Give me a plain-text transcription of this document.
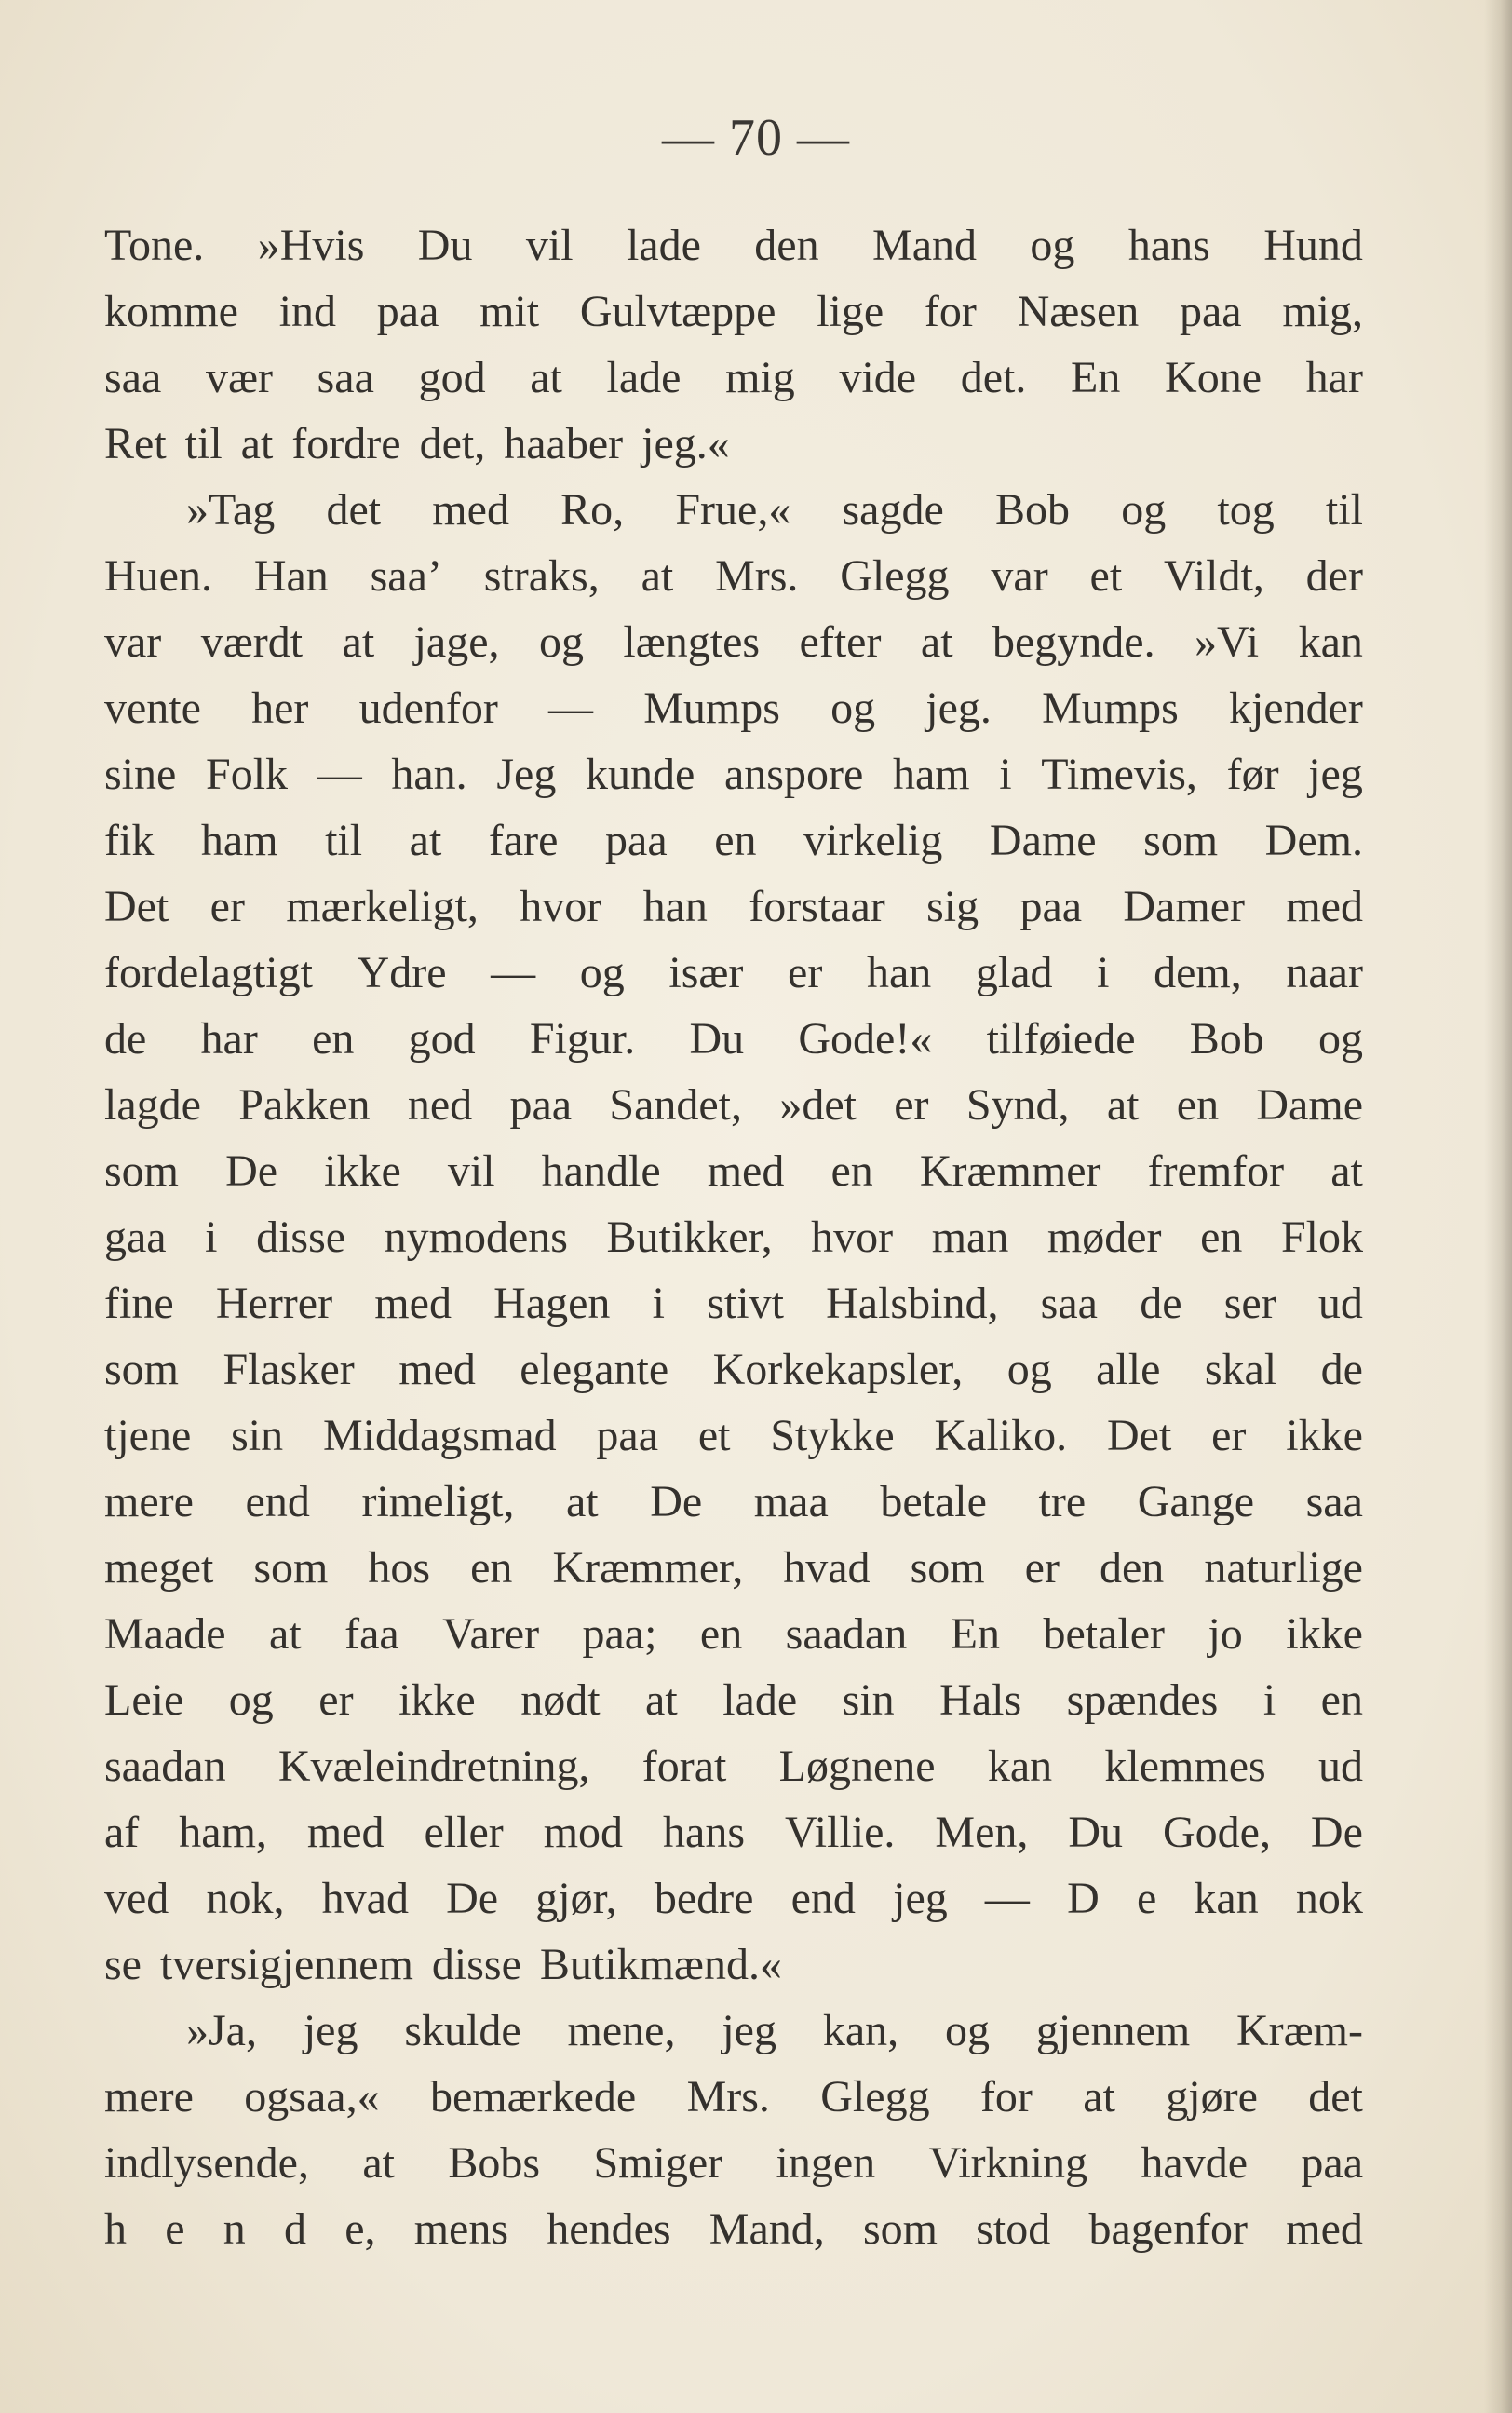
— 70 —
Tone. »Hvis Du vil lade den Mand og hans Hund
komme ind paa mit Gulvtæppe lige for Næsen paa mig,
saa vær saa god at lade mig vide det. En Kone har
Ret til at fordre det, haaber jeg.«
»Tag det med Ro, Frue,« sagde Bob og tog til
Huen. Han saa’ straks, at Mrs. Glegg var et Vildt, der
var værdt at jage, og længtes efter at begynde. »Vi kan
vente her udenfor — Mumps og jeg. Mumps kjender
sine Folk — han. Jeg kunde anspore ham i Timevis, før jeg
fik ham til at fare paa en virkelig Dame som Dem.
Det er mærkeligt, hvor han forstaar sig paa Damer med
fordelagtigt Ydre — og især er han glad i dem, naar
de har en god Figur. Du Gode!« tilføiede Bob og
lagde Pakken ned paa Sandet, »det er Synd, at en Dame
som De ikke vil handle med en Kræmmer fremfor at
gaa i disse nymodens Butikker, hvor man møder en Flok
fine Herrer med Hagen i stivt Halsbind, saa de ser ud
som Flasker med elegante Korkekapsler, og alle skal de
tjene sin Middagsmad paa et Stykke Kaliko. Det er ikke
mere end rimeligt, at De maa betale tre Gange saa
meget som hos en Kræmmer, hvad som er den naturlige
Maade at faa Varer paa; en saadan En betaler jo ikke
Leie og er ikke nødt at lade sin Hals spændes i en
saadan Kvæleindretning, forat Løgnene kan klemmes ud
af ham, med eller mod hans Villie. Men, Du Gode, De
ved nok, hvad De gjør, bedre end jeg — D e kan nok
se tversigjennem disse Butikmænd.«
»Ja, jeg skulde mene, jeg kan, og gjennem Kræm-
mere ogsaa,« bemærkede Mrs. Glegg for at gjøre det
indlysende, at Bobs Smiger ingen Virkning havde paa
h e n d e, mens hendes Mand, som stod bagenfor med
